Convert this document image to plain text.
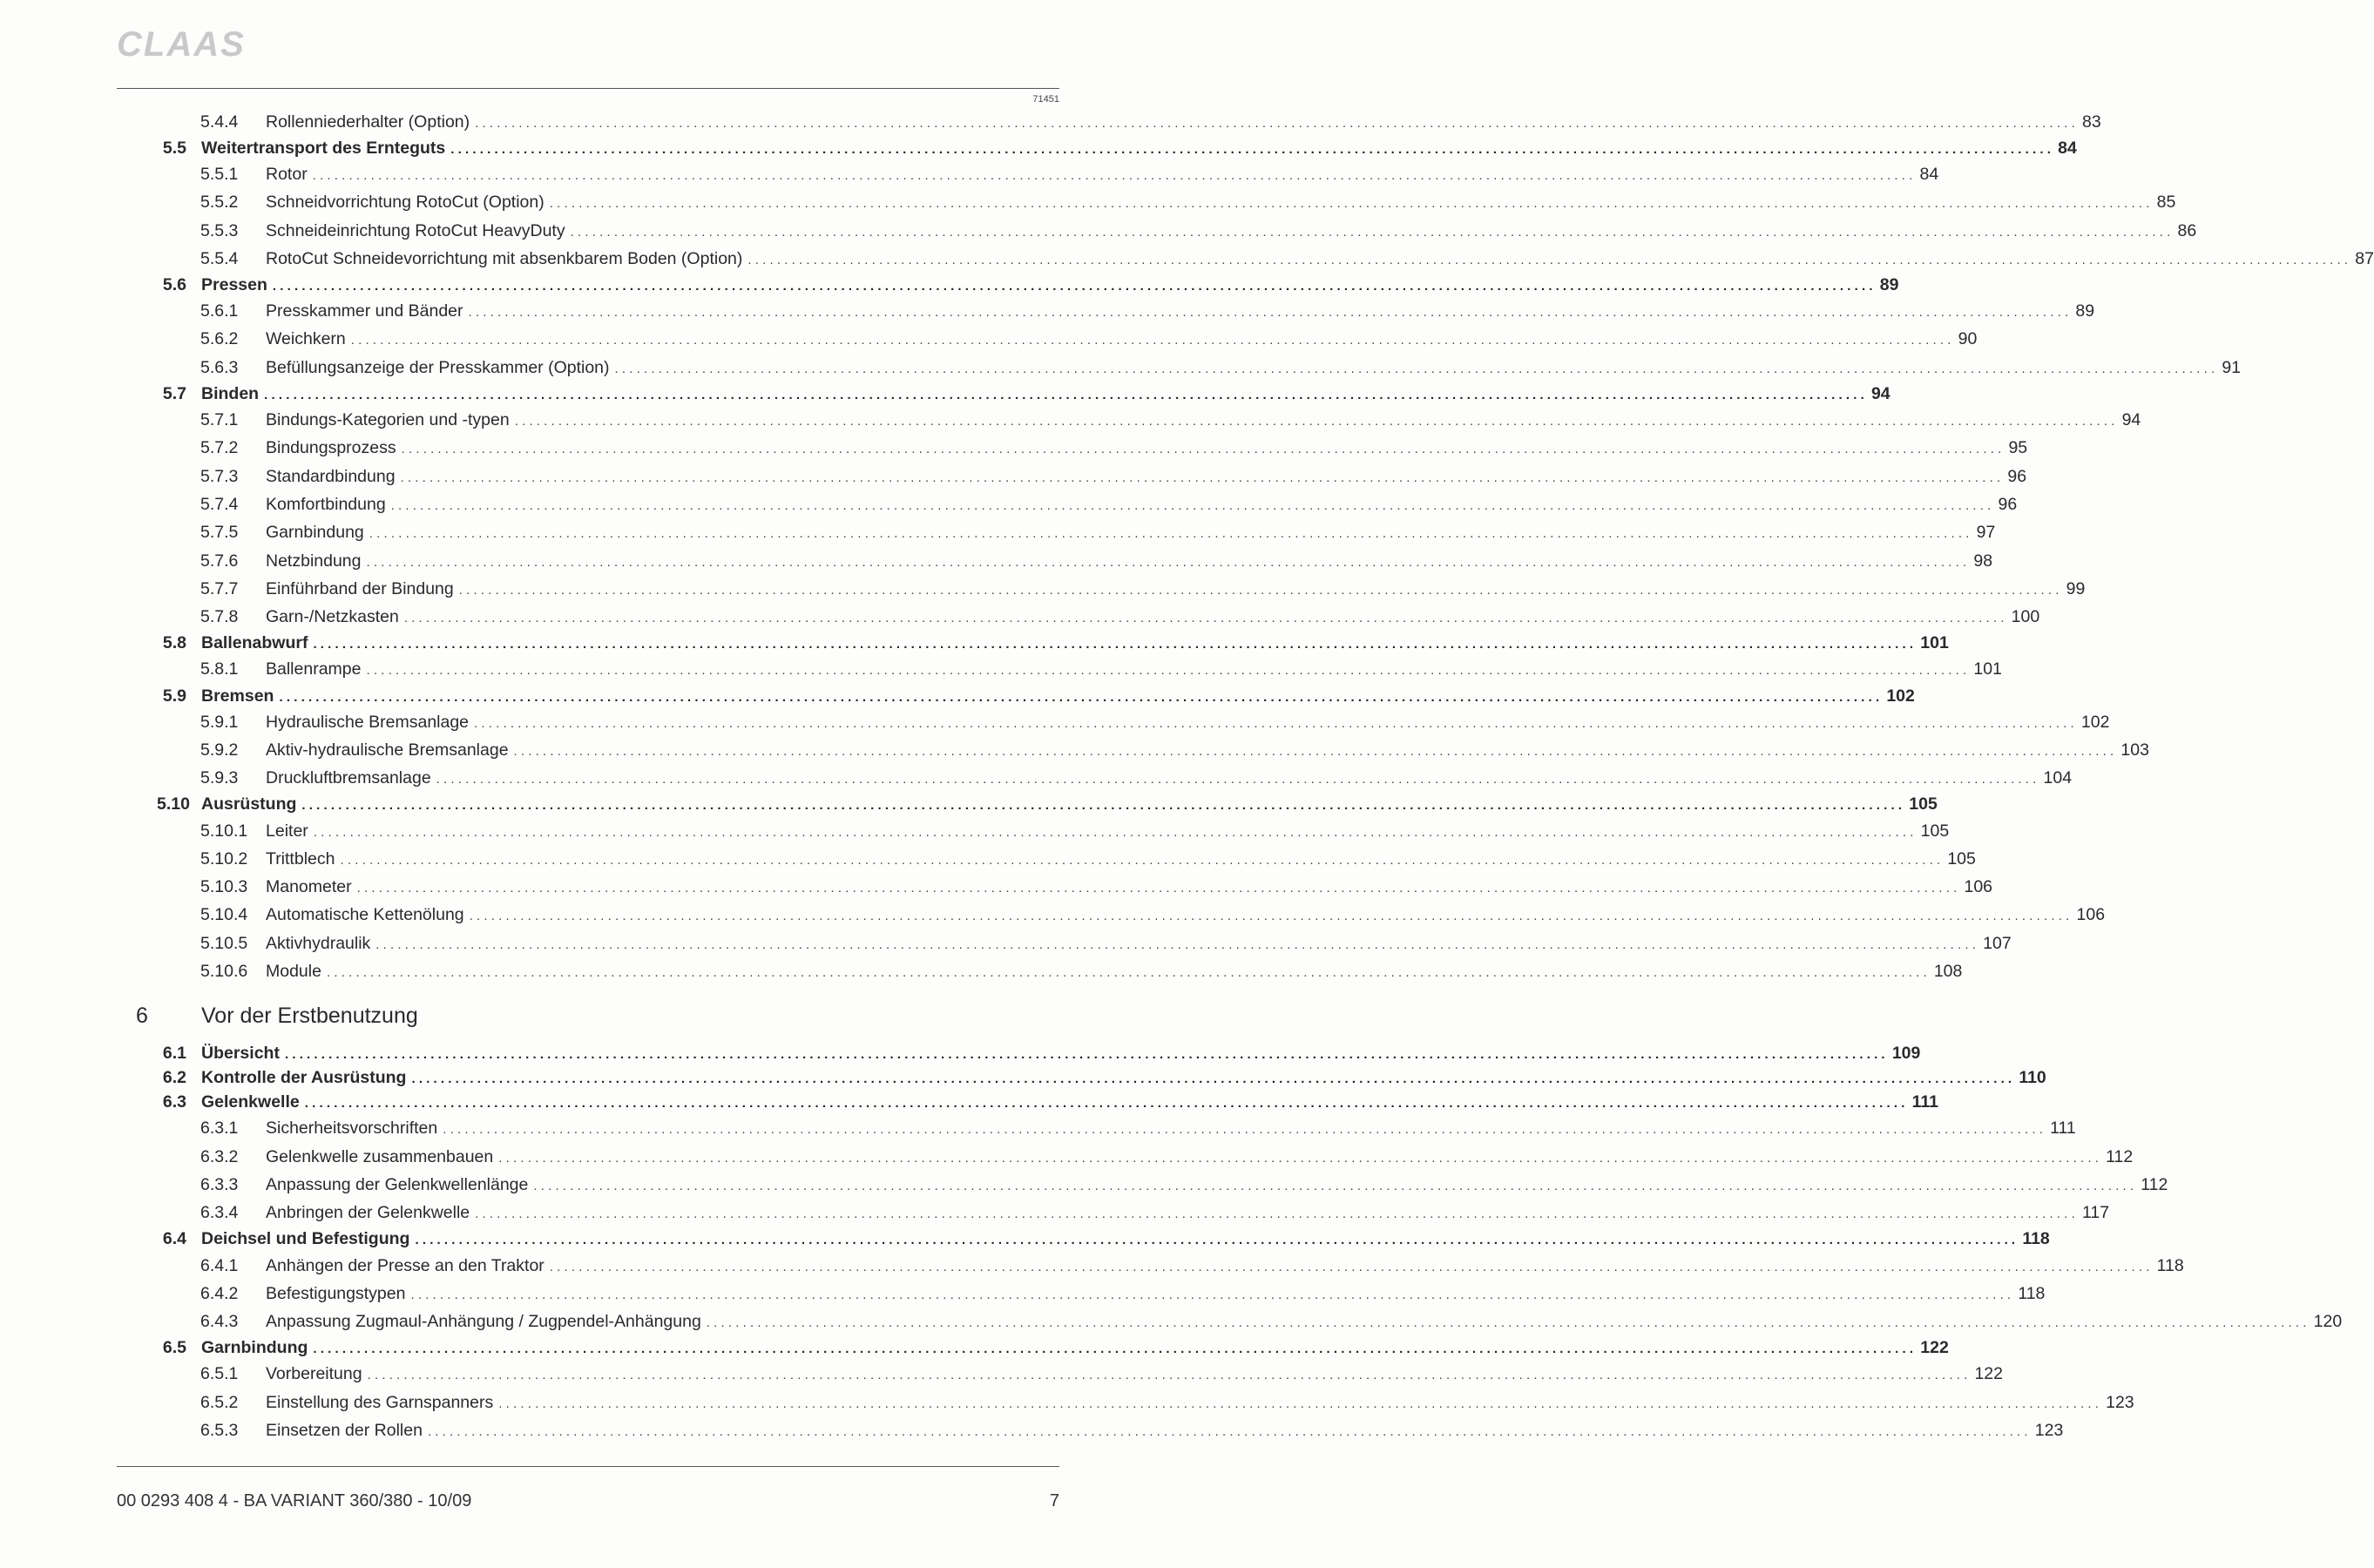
CLAAS
71451
5.4.4 Rollenniederhalter (Option) ............................................................................................................................................................................................................................ 83
5.5 Weitertransport des Ernteguts ............................................................................................................................................................................................................................ 84
5.5.1 Rotor ............................................................................................................................................................................................................................ 84
5.5.2 Schneidvorrichtung RotoCut (Option) ............................................................................................................................................................................................................................ 85
5.5.3 Schneideinrichtung RotoCut HeavyDuty ............................................................................................................................................................................................................................ 86
5.5.4 RotoCut Schneidevorrichtung mit absenkbarem Boden (Option) ............................................................................................................................................................................................................................ 87
5.6 Pressen ............................................................................................................................................................................................................................ 89
5.6.1 Presskammer und Bänder ............................................................................................................................................................................................................................ 89
5.6.2 Weichkern ............................................................................................................................................................................................................................ 90
5.6.3 Befüllungsanzeige der Presskammer (Option) ............................................................................................................................................................................................................................ 91
5.7 Binden ............................................................................................................................................................................................................................ 94
5.7.1 Bindungs-Kategorien und -typen ............................................................................................................................................................................................................................ 94
5.7.2 Bindungsprozess ............................................................................................................................................................................................................................ 95
5.7.3 Standardbindung ............................................................................................................................................................................................................................ 96
5.7.4 Komfortbindung ............................................................................................................................................................................................................................ 96
5.7.5 Garnbindung ............................................................................................................................................................................................................................ 97
5.7.6 Netzbindung ............................................................................................................................................................................................................................ 98
5.7.7 Einführband der Bindung ............................................................................................................................................................................................................................ 99
5.7.8 Garn-/Netzkasten ............................................................................................................................................................................................................................ 100
5.8 Ballenabwurf ............................................................................................................................................................................................................................ 101
5.8.1 Ballenrampe ............................................................................................................................................................................................................................ 101
5.9 Bremsen ............................................................................................................................................................................................................................ 102
5.9.1 Hydraulische Bremsanlage ............................................................................................................................................................................................................................ 102
5.9.2 Aktiv-hydraulische Bremsanlage ............................................................................................................................................................................................................................ 103
5.9.3 Druckluftbremsanlage ............................................................................................................................................................................................................................ 104
5.10 Ausrüstung ............................................................................................................................................................................................................................ 105
5.10.1 Leiter ............................................................................................................................................................................................................................ 105
5.10.2 Trittblech ............................................................................................................................................................................................................................ 105
5.10.3 Manometer ............................................................................................................................................................................................................................ 106
5.10.4 Automatische Kettenölung ............................................................................................................................................................................................................................ 106
5.10.5 Aktivhydraulik ............................................................................................................................................................................................................................ 107
5.10.6 Module ............................................................................................................................................................................................................................ 108
6 Vor der Erstbenutzung
6.1 Übersicht ............................................................................................................................................................................................................................ 109
6.2 Kontrolle der Ausrüstung ............................................................................................................................................................................................................................ 110
6.3 Gelenkwelle ............................................................................................................................................................................................................................ 111
6.3.1 Sicherheitsvorschriften ............................................................................................................................................................................................................................ 111
6.3.2 Gelenkwelle zusammenbauen ............................................................................................................................................................................................................................ 112
6.3.3 Anpassung der Gelenkwellenlänge ............................................................................................................................................................................................................................ 112
6.3.4 Anbringen der Gelenkwelle ............................................................................................................................................................................................................................ 117
6.4 Deichsel und Befestigung ............................................................................................................................................................................................................................ 118
6.4.1 Anhängen der Presse an den Traktor ............................................................................................................................................................................................................................ 118
6.4.2 Befestigungstypen ............................................................................................................................................................................................................................ 118
6.4.3 Anpassung Zugmaul-Anhängung / Zugpendel-Anhängung ............................................................................................................................................................................................................................ 120
6.5 Garnbindung ............................................................................................................................................................................................................................ 122
6.5.1 Vorbereitung ............................................................................................................................................................................................................................ 122
6.5.2 Einstellung des Garnspanners ............................................................................................................................................................................................................................ 123
6.5.3 Einsetzen der Rollen ............................................................................................................................................................................................................................ 123
00 0293 408 4 - BA VARIANT 360/380 - 10/09	7
